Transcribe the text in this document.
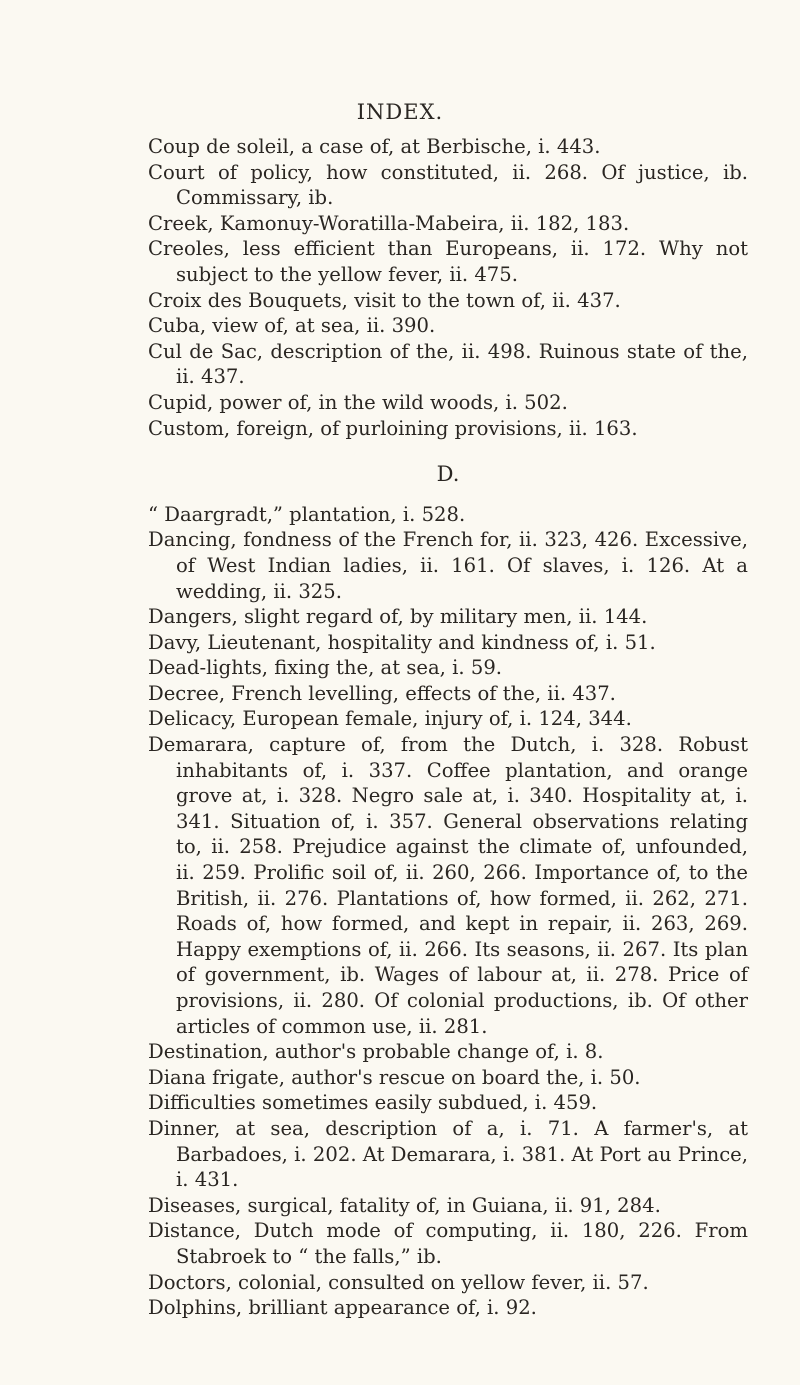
INDEX.

Coup de soleil, a case of, at Berbische, i. 443.

Court of policy, how constituted, ii. 268. Of justice, ib. Commissary, ib.

Creek, Kamonuy-Woratilla-Mabeira, ii. 182, 183.

Creoles, less efficient than Europeans, ii. 172. Why not subject to the yellow fever, ii. 475.

Croix des Bouquets, visit to the town of, ii. 437.

Cuba, view of, at sea, ii. 390.

Cul de Sac, description of the, ii. 498. Ruinous state of the, ii. 437.

Cupid, power of, in the wild woods, i. 502.

Custom, foreign, of purloining provisions, ii. 163.

D.

“ Daargradt,” plantation, i. 528.

Dancing, fondness of the French for, ii. 323, 426. Excessive, of West Indian ladies, ii. 161. Of slaves, i. 126. At a wedding, ii. 325.

Dangers, slight regard of, by military men, ii. 144.

Davy, Lieutenant, hospitality and kindness of, i. 51.

Dead-lights, fixing the, at sea, i. 59.

Decree, French levelling, effects of the, ii. 437.

Delicacy, European female, injury of, i. 124, 344.

Demarara, capture of, from the Dutch, i. 328. Robust inhabitants of, i. 337. Coffee plantation, and orange grove at, i. 328. Negro sale at, i. 340. Hospitality at, i. 341. Situation of, i. 357. General observations relating to, ii. 258. Prejudice against the climate of, unfounded, ii. 259. Prolific soil of, ii. 260, 266. Importance of, to the British, ii. 276. Plantations of, how formed, ii. 262, 271. Roads of, how formed, and kept in repair, ii. 263, 269. Happy exemptions of, ii. 266. Its seasons, ii. 267. Its plan of government, ib. Wages of labour at, ii. 278. Price of provisions, ii. 280. Of colonial productions, ib. Of other articles of common use, ii. 281.

Destination, author's probable change of, i. 8.

Diana frigate, author's rescue on board the, i. 50.

Difficulties sometimes easily subdued, i. 459.

Dinner, at sea, description of a, i. 71. A farmer's, at Barbadoes, i. 202. At Demarara, i. 381. At Port au Prince, i. 431.

Diseases, surgical, fatality of, in Guiana, ii. 91, 284.

Distance, Dutch mode of computing, ii. 180, 226. From Stabroek to “ the falls,” ib.

Doctors, colonial, consulted on yellow fever, ii. 57.

Dolphins, brilliant appearance of, i. 92.
